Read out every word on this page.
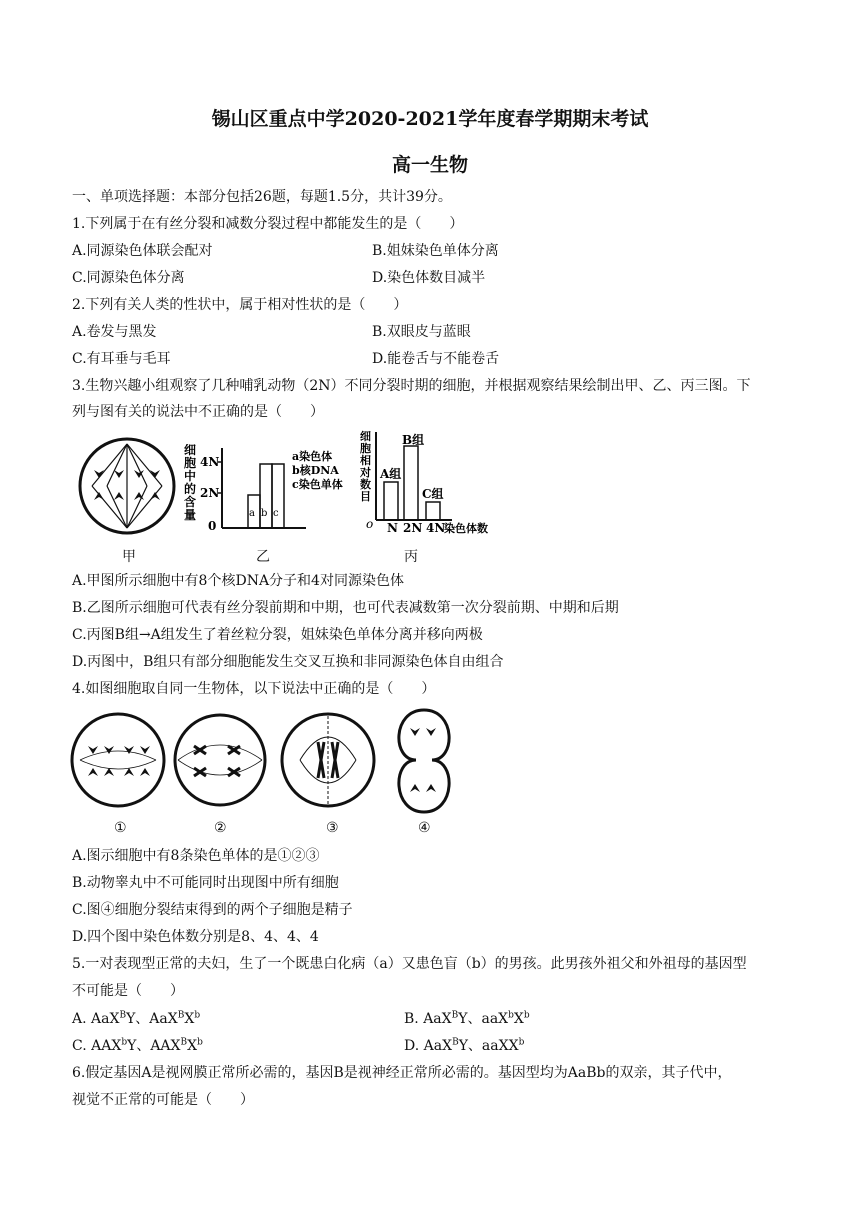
锡山区重点中学2020-2021学年度春学期期末考试
高一生物
一、单项选择题：本部分包括26题，每题1.5分，共计39分。
1.下列属于在有丝分裂和减数分裂过程中都能发生的是（　　）
A.同源染色体联会配对	B.姐妹染色单体分离
C.同源染色体分离	D.染色体数目减半
2.下列有关人类的性状中，属于相对性状的是（　　）
A.卷发与黑发	B.双眼皮与蓝眼
C.有耳垂与毛耳	D.能卷舌与不能卷舌
3.生物兴趣小组观察了几种哺乳动物（2N）不同分裂时期的细胞，并根据观察结果绘制出甲、乙、丙三图。下
列与图有关的说法中不正确的是（　　）
细胞中的含量
4N
2N
0
a b c
a染色体
b核DNA
c染色单体
细胞相对数目
o
A组
B组
C组
N 2N 4N
染色体数
甲	乙	丙
A.甲图所示细胞中有8个核DNA分子和4对同源染色体
B.乙图所示细胞可代表有丝分裂前期和中期，也可代表减数第一次分裂前期、中期和后期
C.丙图B组→A组发生了着丝粒分裂，姐妹染色单体分离并移向两极
D.丙图中，B组只有部分细胞能发生交叉互换和非同源染色体自由组合
4.如图细胞取自同一生物体，以下说法中正确的是（　　）
①	②	③	④
A.图示细胞中有8条染色单体的是①②③
B.动物睾丸中不可能同时出现图中所有细胞
C.图④细胞分裂结束得到的两个子细胞是精子
D.四个图中染色体数分别是8、4、4、4
5.一对表现型正常的夫妇，生了一个既患白化病（a）又患色盲（b）的男孩。此男孩外祖父和外祖母的基因型
不可能是（　　）
A. AaX$^B$Y、$AaX^BX^b$	B. AaX$^B$Y、$aaX^bX^b$
C. AAX$^b$Y、$AAX^BX^b$	D. AaX$^B$Y、aaXX$^b$
6.假定基因A是视网膜正常所必需的，基因B是视神经正常所必需的。基因型均为AaBb的双亲，其子代中，
视觉不正常的可能是（　　）
